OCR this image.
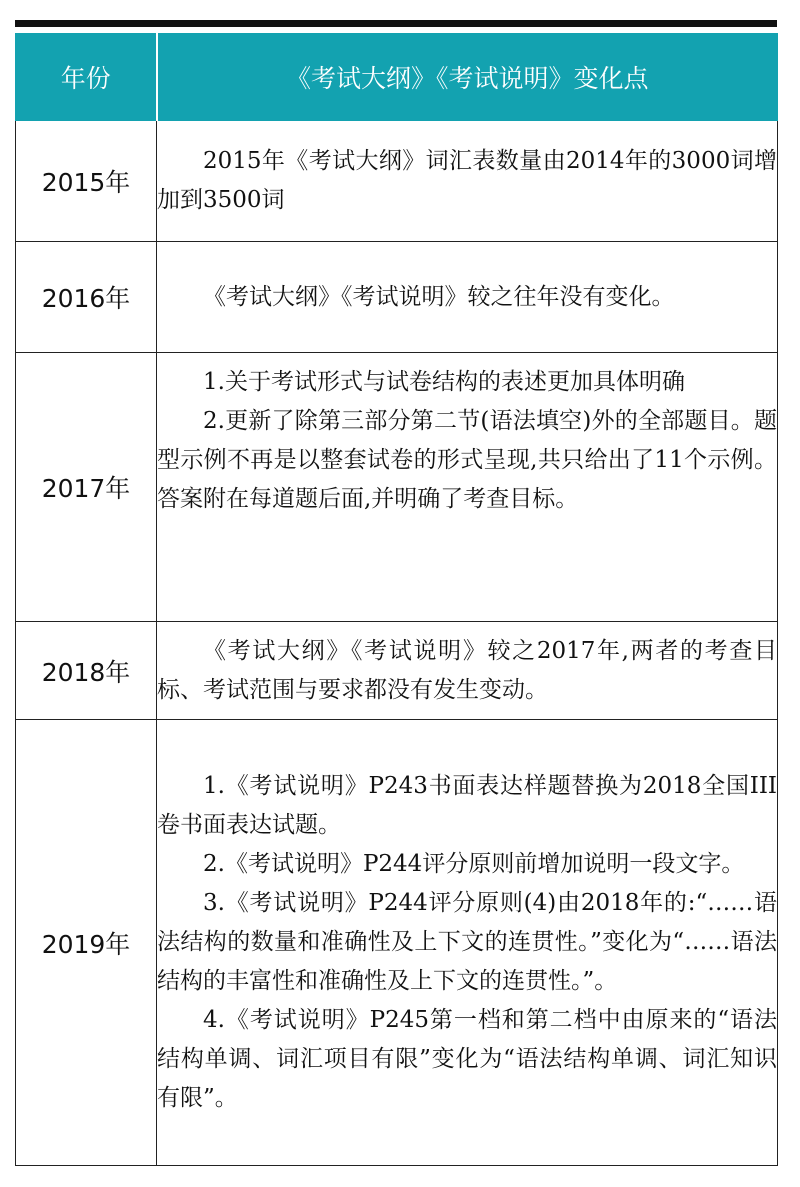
年份	《考试大纲》《考试说明》变化点
2015年	2015年《考试大纲》词汇表数量由2014年的3000词增加到3500词

2016年	《考试大纲》《考试说明》较之往年没有变化。

2017年	1.关于考试形式与试卷结构的表述更加具体明确

2.更新了除第三部分第二节(语法填空)外的全部题目。题型示例不再是以整套试卷的形式呈现,共只给出了11个示例。答案附在每道题后面,并明确了考查目标。

2018年	《考试大纲》《考试说明》较之2017年,两者的考查目标、考试范围与要求都没有发生变动。

2019年	1.《考试说明》P243书面表达样题替换为2018全国III卷书面表达试题。

2.《考试说明》P244评分原则前增加说明一段文字。

3.《考试说明》P244评分原则(4)由2018年的:“……语法结构的数量和准确性及上下文的连贯性。”变化为“……语法结构的丰富性和准确性及上下文的连贯性。”。

4.《考试说明》P245第一档和第二档中由原来的“语法结构单调、词汇项目有限”变化为“语法结构单调、词汇知识有限”。
